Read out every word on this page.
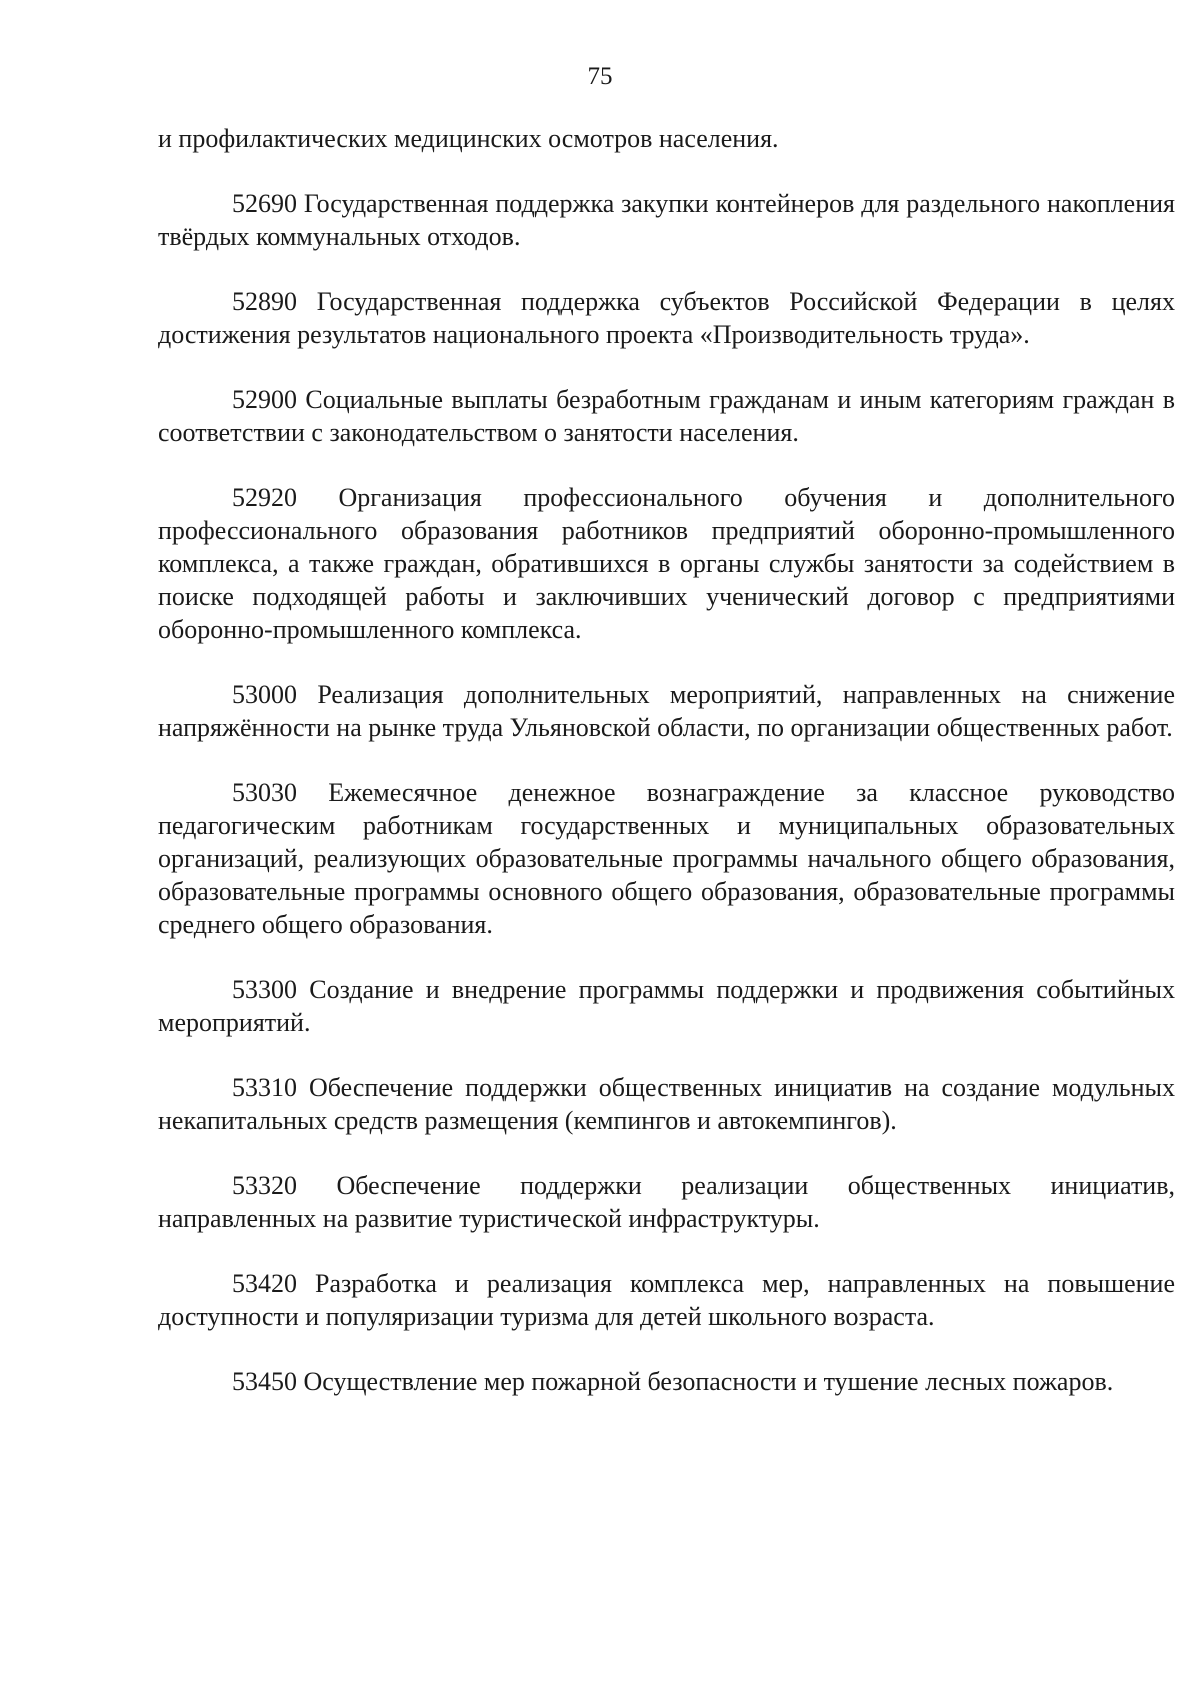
75

и профилактических медицинских осмотров населения.

52690 Государственная поддержка закупки контейнеров для раздельного накопления твёрдых коммунальных отходов.

52890 Государственная поддержка субъектов Российской Федерации в целях достижения результатов национального проекта «Производительность труда».

52900 Социальные выплаты безработным гражданам и иным категориям граждан в соответствии с законодательством о занятости населения.

52920 Организация профессионального обучения и дополнительного профессионального образования работников предприятий оборонно-промышленного комплекса, а также граждан, обратившихся в органы службы занятости за содействием в поиске подходящей работы и заключивших ученический договор с предприятиями оборонно-промышленного комплекса.

53000 Реализация дополнительных мероприятий, направленных на снижение напряжённости на рынке труда Ульяновской области, по организации общественных работ.

53030 Ежемесячное денежное вознаграждение за классное руководство педагогическим работникам государственных и муниципальных образовательных организаций, реализующих образовательные программы начального общего образования, образовательные программы основного общего образования, образовательные программы среднего общего образования.

53300 Создание и внедрение программы поддержки и продвижения событийных мероприятий.

53310 Обеспечение поддержки общественных инициатив на создание модульных некапитальных средств размещения (кемпингов и автокемпингов).

53320 Обеспечение поддержки реализации общественных инициатив, направленных на развитие туристической инфраструктуры.

53420 Разработка и реализация комплекса мер, направленных на повышение доступности и популяризации туризма для детей школьного возраста.

53450 Осуществление мер пожарной безопасности и тушение лесных пожаров.
